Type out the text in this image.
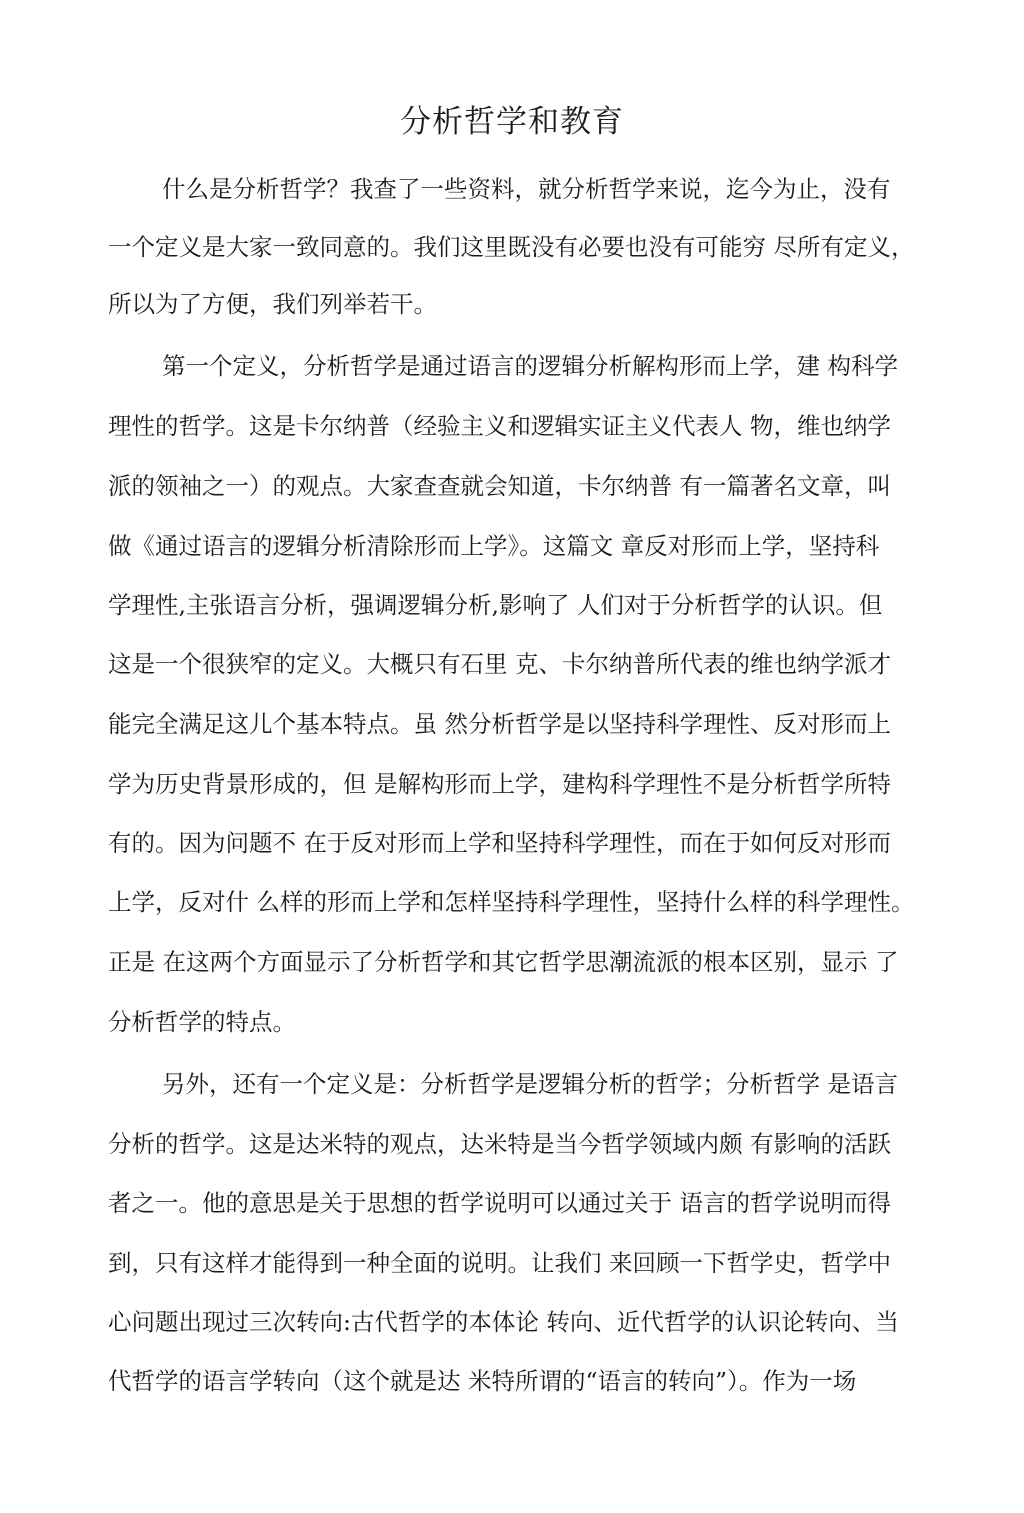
分析哲学和教育

什么是分析哲学？我查了一些资料，就分析哲学来说，迄今为止，没有

一个定义是大家一致同意的。我们这里既没有必要也没有可能穷 尽所有定义，

所以为了方便，我们列举若干。

第一个定义，分析哲学是通过语言的逻辑分析解构形而上学，建 构科学

理性的哲学。这是卡尔纳普（经验主义和逻辑实证主义代表人 物，维也纳学

派的领袖之一）的观点。大家查查就会知道，卡尔纳普 有一篇著名文章，叫

做《通过语言的逻辑分析清除形而上学》。这篇文 章反对形而上学，坚持科

学理性,主张语言分析，强调逻辑分析,影响了 人们对于分析哲学的认识。但

这是一个很狭窄的定义。大概只有石里 克、卡尔纳普所代表的维也纳学派才

能完全满足这儿个基本特点。虽 然分析哲学是以坚持科学理性、反对形而上

学为历史背景形成的，但 是解构形而上学，建构科学理性不是分析哲学所特

有的。因为问题不 在于反对形而上学和坚持科学理性，而在于如何反对形而

上学，反对什 么样的形而上学和怎样坚持科学理性，坚持什么样的科学理性。

正是 在这两个方面显示了分析哲学和其它哲学思潮流派的根本区别，显示 了

分析哲学的特点。

另外，还有一个定义是：分析哲学是逻辑分析的哲学；分析哲学 是语言

分析的哲学。这是达米特的观点，达米特是当今哲学领域内颇 有影响的活跃

者之一。他的意思是关于思想的哲学说明可以通过关于 语言的哲学说明而得

到，只有这样才能得到一种全面的说明。让我们 来回顾一下哲学史，哲学中

心问题出现过三次转向:古代哲学的本体论 转向、近代哲学的认识论转向、当

代哲学的语言学转向（这个就是达 米特所谓的“语言的转向”）。作为一场
